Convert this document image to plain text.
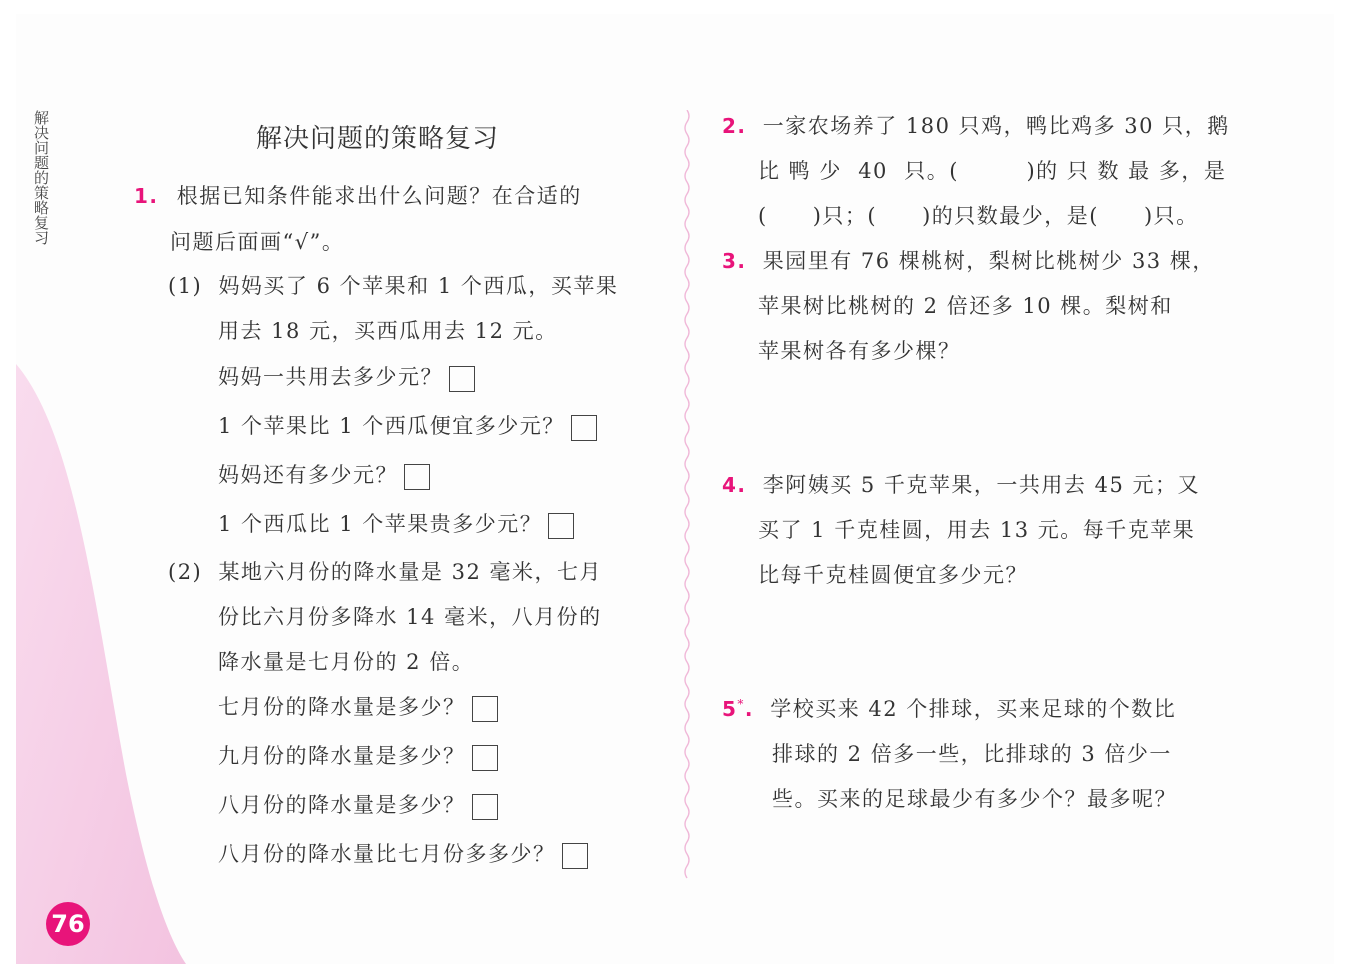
解决问题的策略复习
76
解决问题的策略复习
1. 根据已知条件能求出什么问题？在合适的
问题后面画“√”。
(1) 妈妈买了 6 个苹果和 1 个西瓜，买苹果
用去 18 元，买西瓜用去 12 元。
妈妈一共用去多少元？
1 个苹果比 1 个西瓜便宜多少元？
妈妈还有多少元？
1 个西瓜比 1 个苹果贵多少元？
(2) 某地六月份的降水量是 32 毫米，七月
份比六月份多降水 14 毫米，八月份的
降水量是七月份的 2 倍。
七月份的降水量是多少？
九月份的降水量是多少？
八月份的降水量是多少？
八月份的降水量比七月份多多少？
2. 一家农场养了 180 只鸡，鸭比鸡多 30 只，鹅
比 鸭 少  40  只。(　　　)的 只 数 最 多，是
(　　)只；(　　)的只数最少，是(　　)只。
3. 果园里有 76 棵桃树，梨树比桃树少 33 棵，
苹果树比桃树的 2 倍还多 10 棵。梨树和
苹果树各有多少棵？
4. 李阿姨买 5 千克苹果，一共用去 45 元；又
买了 1 千克桂圆，用去 13 元。每千克苹果
比每千克桂圆便宜多少元？
5*. 学校买来 42 个排球，买来足球的个数比
排球的 2 倍多一些，比排球的 3 倍少一
些。买来的足球最少有多少个？最多呢？
